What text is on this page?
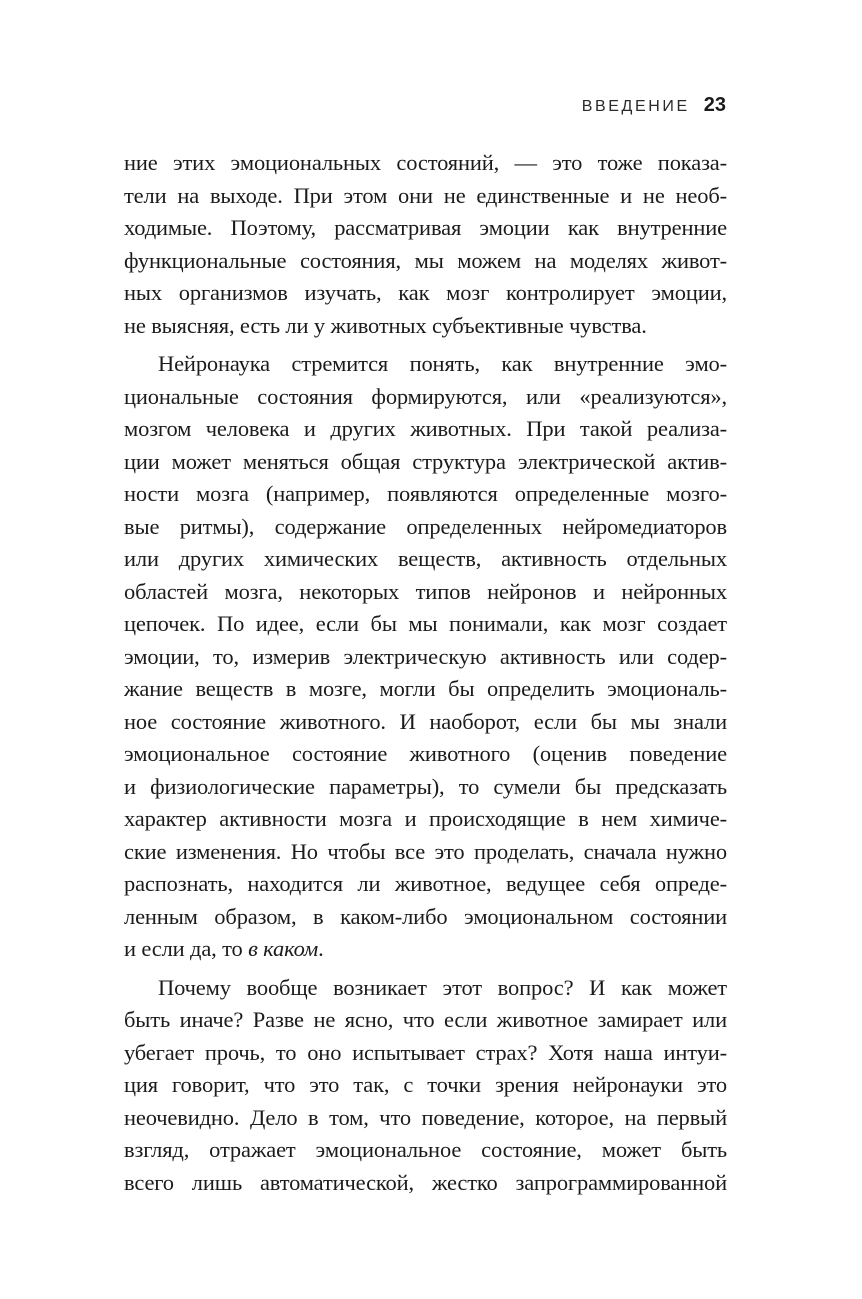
ВВЕДЕНИЕ 23
ние этих эмоциональных состояний, — это тоже показа-
тели на выходе. При этом они не единственные и не необ-
ходимые. Поэтому, рассматривая эмоции как внутренние
функциональные состояния, мы можем на моделях живот-
ных организмов изучать, как мозг контролирует эмоции,
не выясняя, есть ли у животных субъективные чувства.
Нейронаука стремится понять, как внутренние эмо-
циональные состояния формируются, или «реализуются»,
мозгом человека и других животных. При такой реализа-
ции может меняться общая структура электрической актив-
ности мозга (например, появляются определенные мозго-
вые ритмы), содержание определенных нейромедиаторов
или других химических веществ, активность отдельных
областей мозга, некоторых типов нейронов и нейронных
цепочек. По идее, если бы мы понимали, как мозг создает
эмоции, то, измерив электрическую активность или содер-
жание веществ в мозге, могли бы определить эмоциональ-
ное состояние животного. И наоборот, если бы мы знали
эмоциональное состояние животного (оценив поведение
и физиологические параметры), то сумели бы предсказать
характер активности мозга и происходящие в нем химиче-
ские изменения. Но чтобы все это проделать, сначала нужно
распознать, находится ли животное, ведущее себя опреде-
ленным образом, в каком-либо эмоциональном состоянии
и если да, то в каком.
Почему вообще возникает этот вопрос? И как может
быть иначе? Разве не ясно, что если животное замирает или
убегает прочь, то оно испытывает страх? Хотя наша интуи-
ция говорит, что это так, с точки зрения нейронауки это
неочевидно. Дело в том, что поведение, которое, на первый
взгляд, отражает эмоциональное состояние, может быть
всего лишь автоматической, жестко запрограммированной
